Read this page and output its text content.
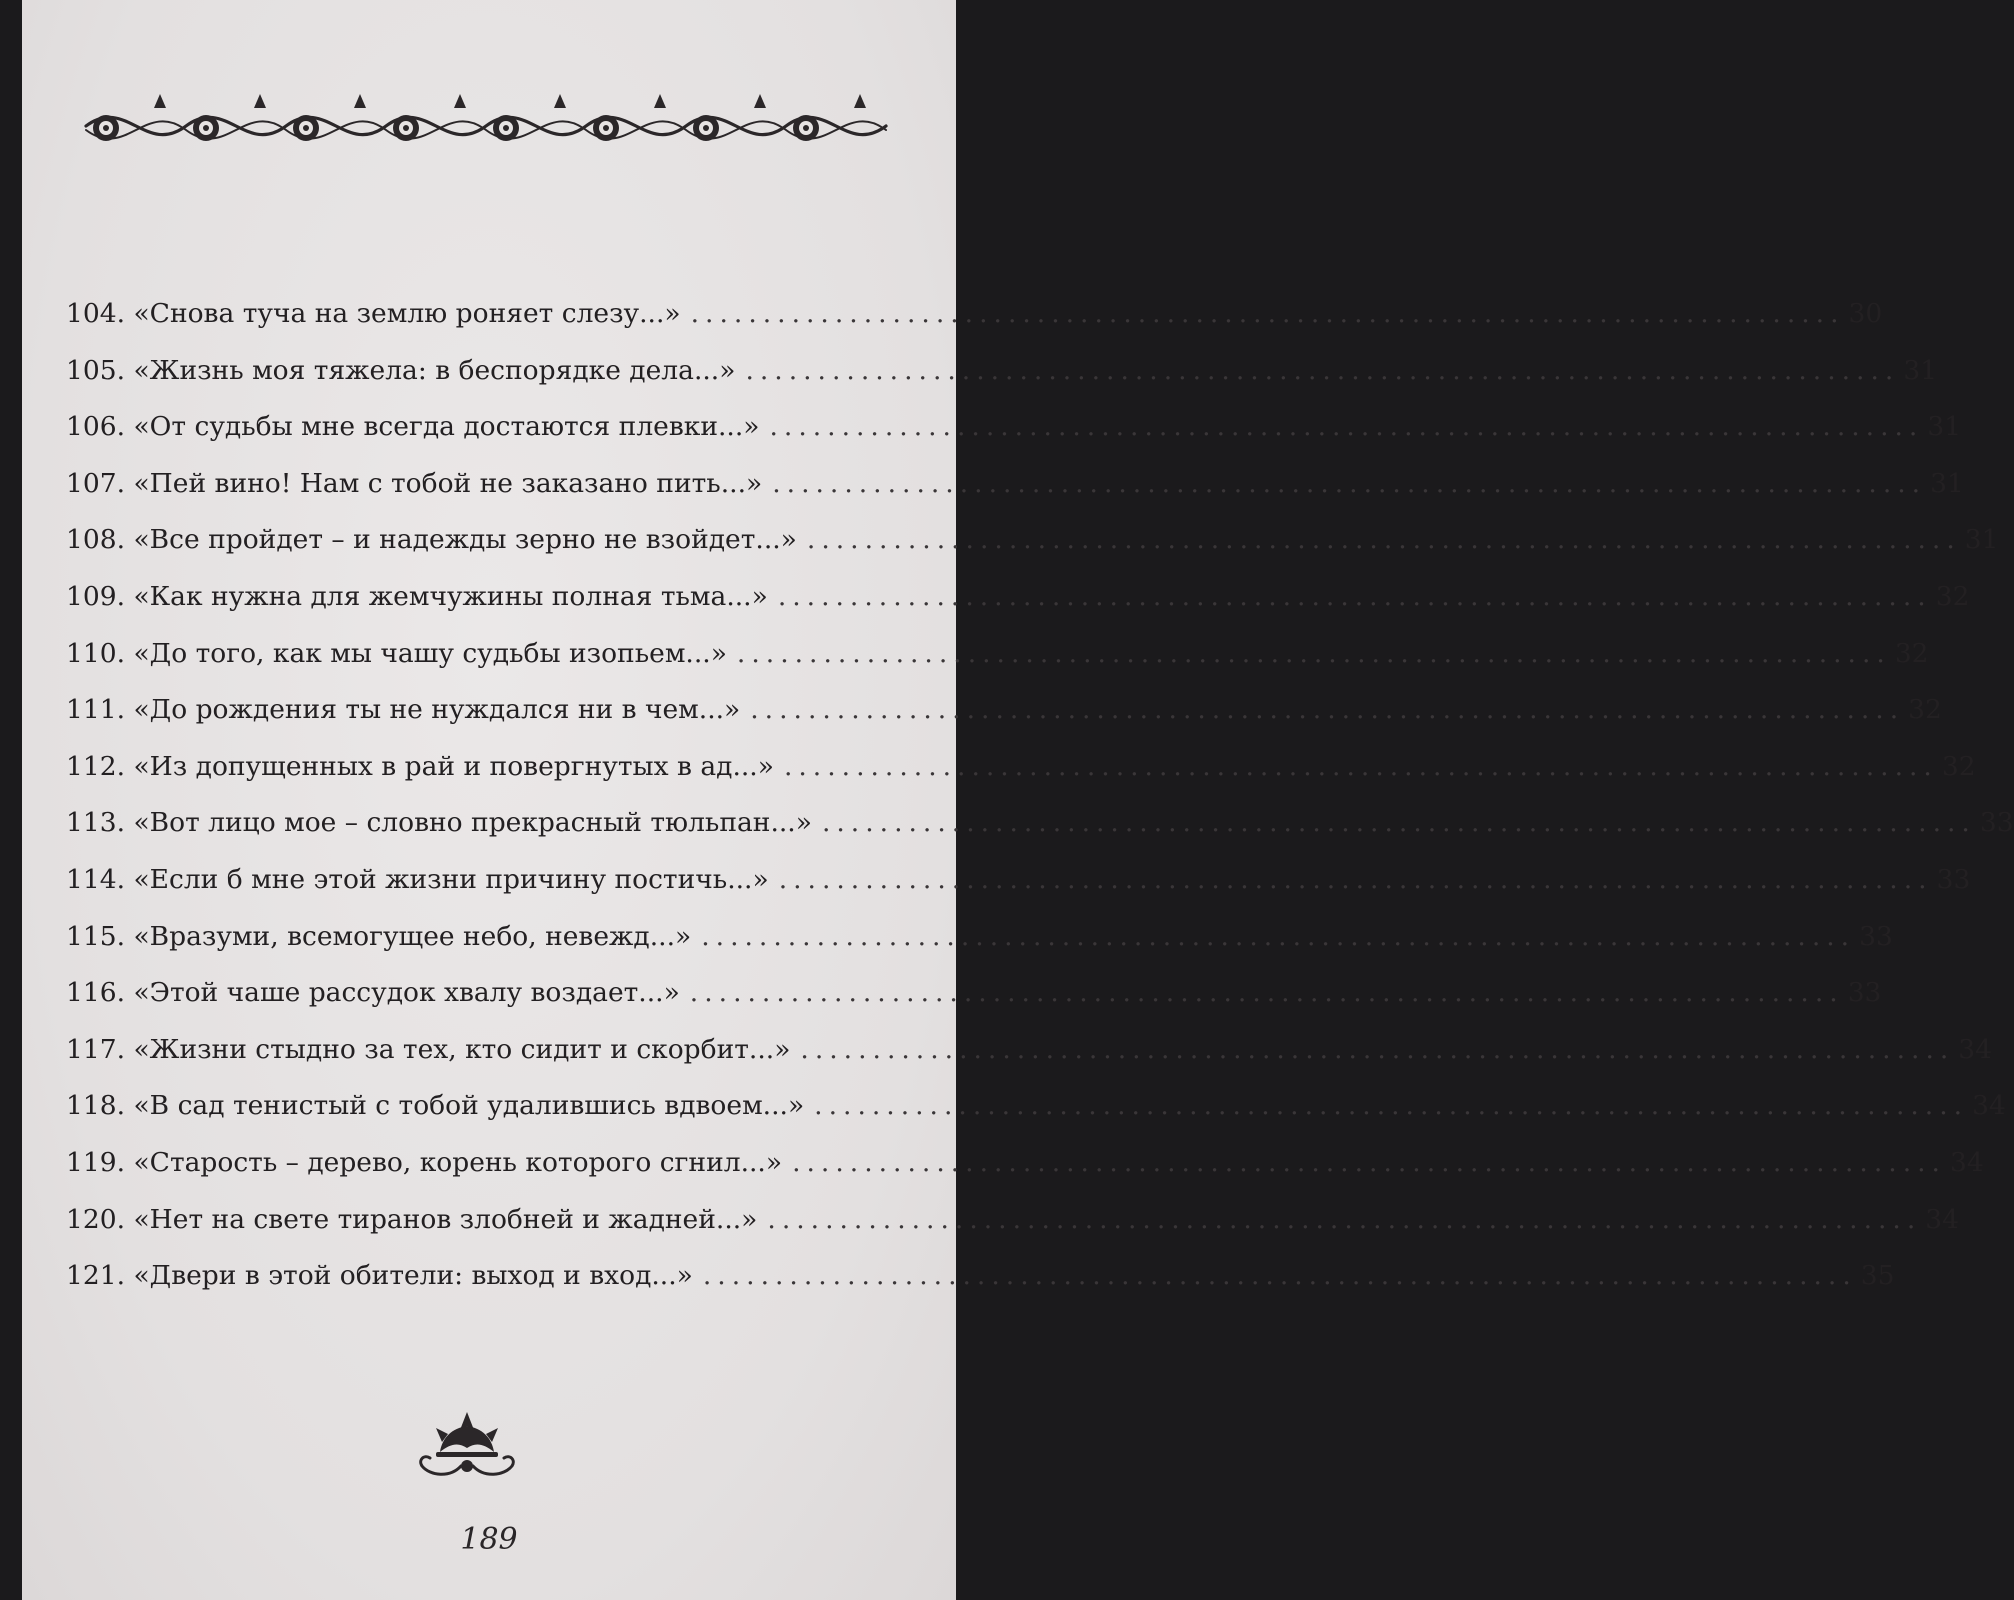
104. «Снова туча на землю роняет слезу...» ................................................................................ 30
105. «Жизнь моя тяжела: в беспорядке дела...» ................................................................................ 31
106. «От судьбы мне всегда достаются плевки...» ................................................................................ 31
107. «Пей вино! Нам с тобой не заказано пить...» ................................................................................ 31
108. «Все пройдет – и надежды зерно не взойдет...» ................................................................................ 31
109. «Как нужна для жемчужины полная тьма...» ................................................................................ 32
110. «До того, как мы чашу судьбы изопьем...» ................................................................................ 32
111. «До рождения ты не нуждался ни в чем...» ................................................................................ 32
112. «Из допущенных в рай и повергнутых в ад...» ................................................................................ 32
113. «Вот лицо мое – словно прекрасный тюльпан...» ................................................................................ 33
114. «Если б мне этой жизни причину постичь...» ................................................................................ 33
115. «Вразуми, всемогущее небо, невежд...» ................................................................................ 33
116. «Этой чаше рассудок хвалу воздает...» ................................................................................ 33
117. «Жизни стыдно за тех, кто сидит и скорбит...» ................................................................................ 34
118. «В сад тенистый с тобой удалившись вдвоем...» ................................................................................ 34
119. «Старость – дерево, корень которого сгнил...» ................................................................................ 34
120. «Нет на свете тиранов злобней и жадней...» ................................................................................ 34
121. «Двери в этой обители: выход и вход...» ................................................................................ 35
189
